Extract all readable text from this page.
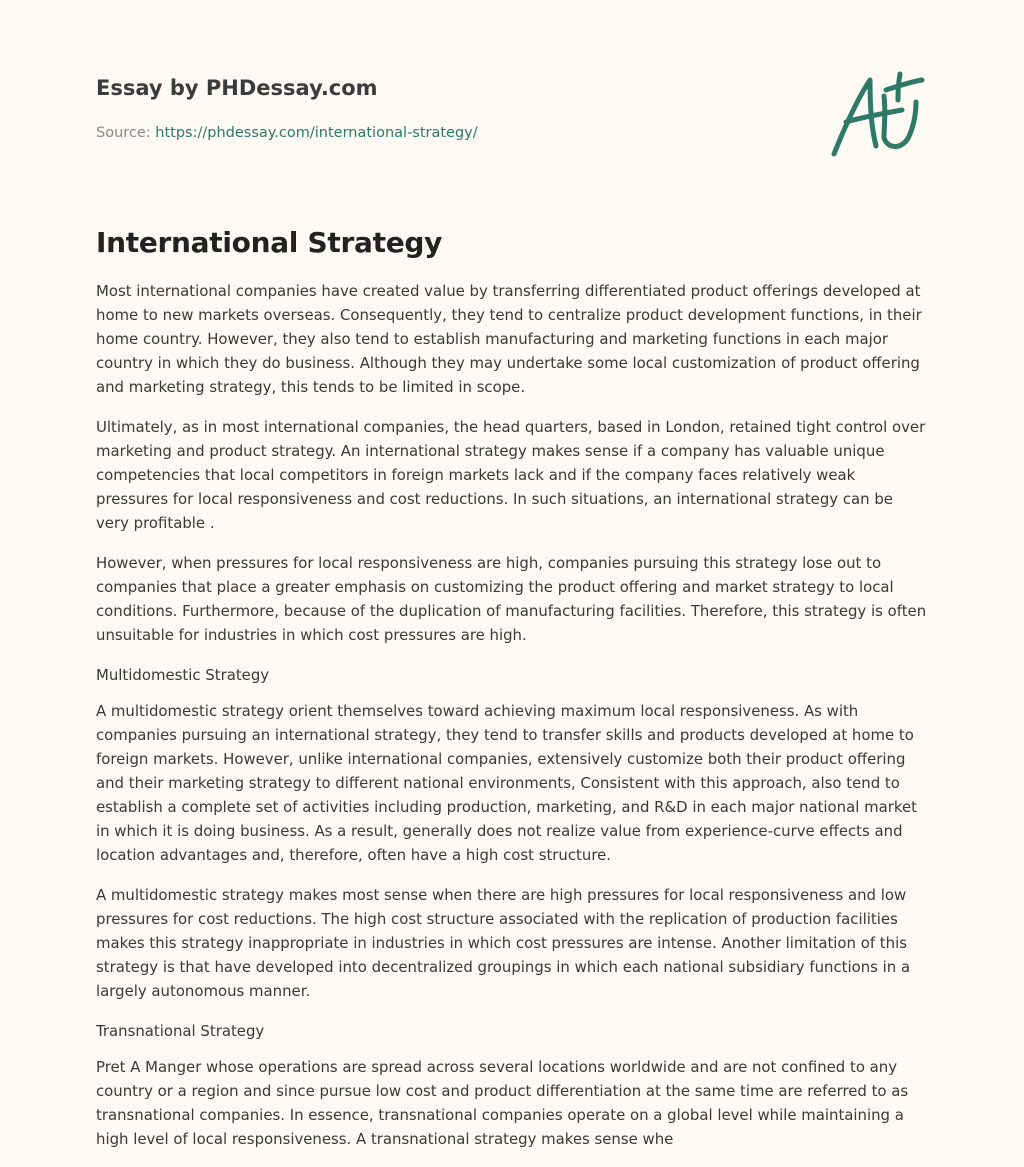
Essay by PHDessay.com
Source: https://phdessay.com/international-strategy/
International Strategy

Most international companies have created value by transferring differentiated product offerings developed at home to new markets overseas. Consequently, they tend to centralize product development functions, in their home country. However, they also tend to establish manufacturing and marketing functions in each major country in which they do business. Although they may undertake some local customization of product offering and marketing strategy, this tends to be limited in scope.

Ultimately, as in most international companies, the head quarters, based in London, retained tight control over marketing and product strategy. An international strategy makes sense if a company has valuable unique competencies that local competitors in foreign markets lack and if the company faces relatively weak pressures for local responsiveness and cost reductions. In such situations, an international strategy can be very profitable .

However, when pressures for local responsiveness are high, companies pursuing this strategy lose out to companies that place a greater emphasis on customizing the product offering and market strategy to local conditions. Furthermore, because of the duplication of manufacturing facilities. Therefore, this strategy is often unsuitable for industries in which cost pressures are high.

Multidomestic Strategy

A multidomestic strategy orient themselves toward achieving maximum local responsiveness. As with companies pursuing an international strategy, they tend to transfer skills and products developed at home to foreign markets. However, unlike international companies, extensively customize both their product offering and their marketing strategy to different national environments, Consistent with this approach, also tend to establish a complete set of activities including production, marketing, and R&D in each major national market in which it is doing business. As a result, generally does not realize value from experience-curve effects and location advantages and, therefore, often have a high cost structure.

A multidomestic strategy makes most sense when there are high pressures for local responsiveness and low pressures for cost reductions. The high cost structure associated with the replication of production facilities makes this strategy inappropriate in industries in which cost pressures are intense. Another limitation of this strategy is that have developed into decentralized groupings in which each national subsidiary functions in a largely autonomous manner.

Transnational Strategy

Pret A Manger whose operations are spread across several locations worldwide and are not confined to any country or a region and since pursue low cost and product differentiation at the same time are referred to as transnational companies. In essence, transnational companies operate on a global level while maintaining a high level of local responsiveness. A transnational strategy makes sense whe
